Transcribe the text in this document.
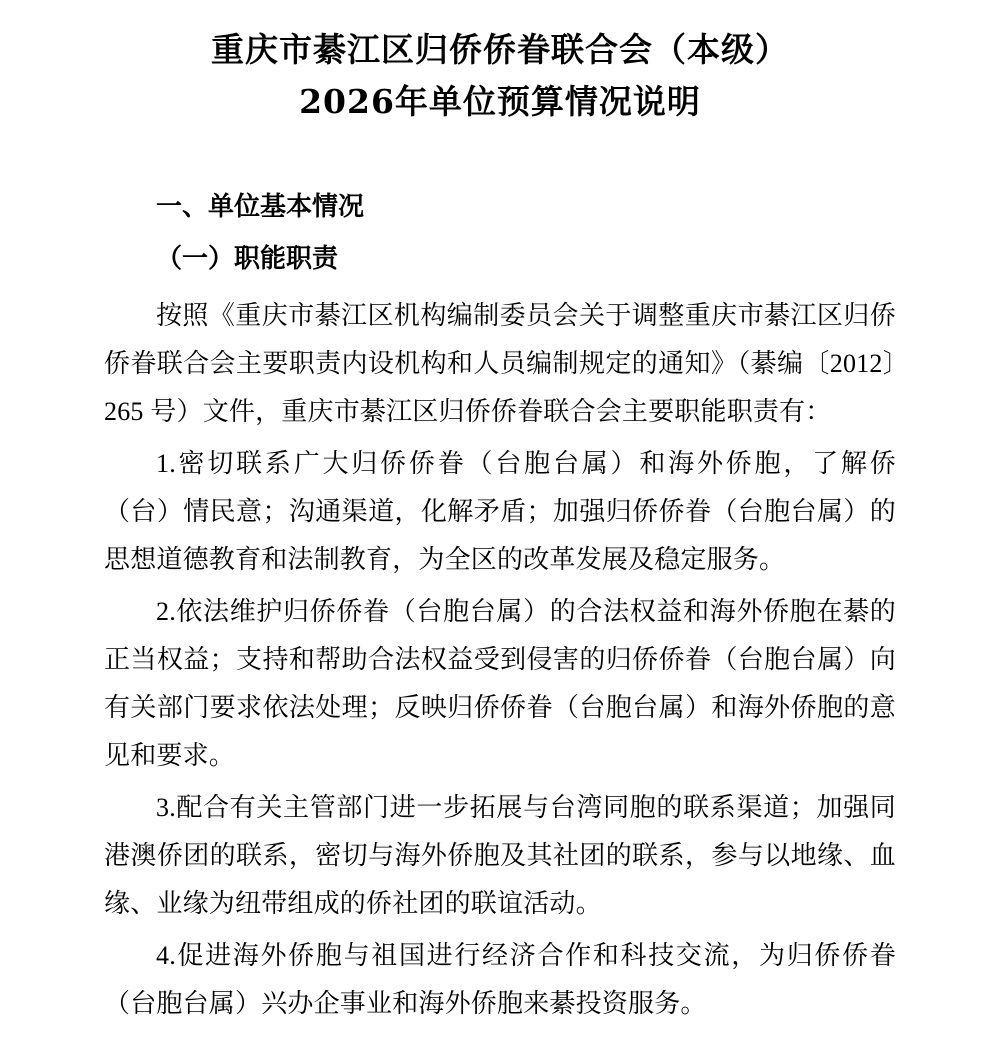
重庆市綦江区归侨侨眷联合会（本级）
2026年单位预算情况说明
一、单位基本情况
（一）职能职责

按照《重庆市綦江区机构编制委员会关于调整重庆市綦江区归侨侨眷联合会主要职责内设机构和人员编制规定的通知》（綦编〔2012〕265 号）文件，重庆市綦江区归侨侨眷联合会主要职能职责有：

1.密切联系广大归侨侨眷（台胞台属）和海外侨胞，了解侨（台）情民意；沟通渠道，化解矛盾；加强归侨侨眷（台胞台属）的思想道德教育和法制教育，为全区的改革发展及稳定服务。

2.依法维护归侨侨眷（台胞台属）的合法权益和海外侨胞在綦的正当权益；支持和帮助合法权益受到侵害的归侨侨眷（台胞台属）向有关部门要求依法处理；反映归侨侨眷（台胞台属）和海外侨胞的意见和要求。

3.配合有关主管部门进一步拓展与台湾同胞的联系渠道；加强同港澳侨团的联系，密切与海外侨胞及其社团的联系，参与以地缘、血缘、业缘为纽带组成的侨社团的联谊活动。

4.促进海外侨胞与祖国进行经济合作和科技交流，为归侨侨眷（台胞台属）兴办企事业和海外侨胞来綦投资服务。
